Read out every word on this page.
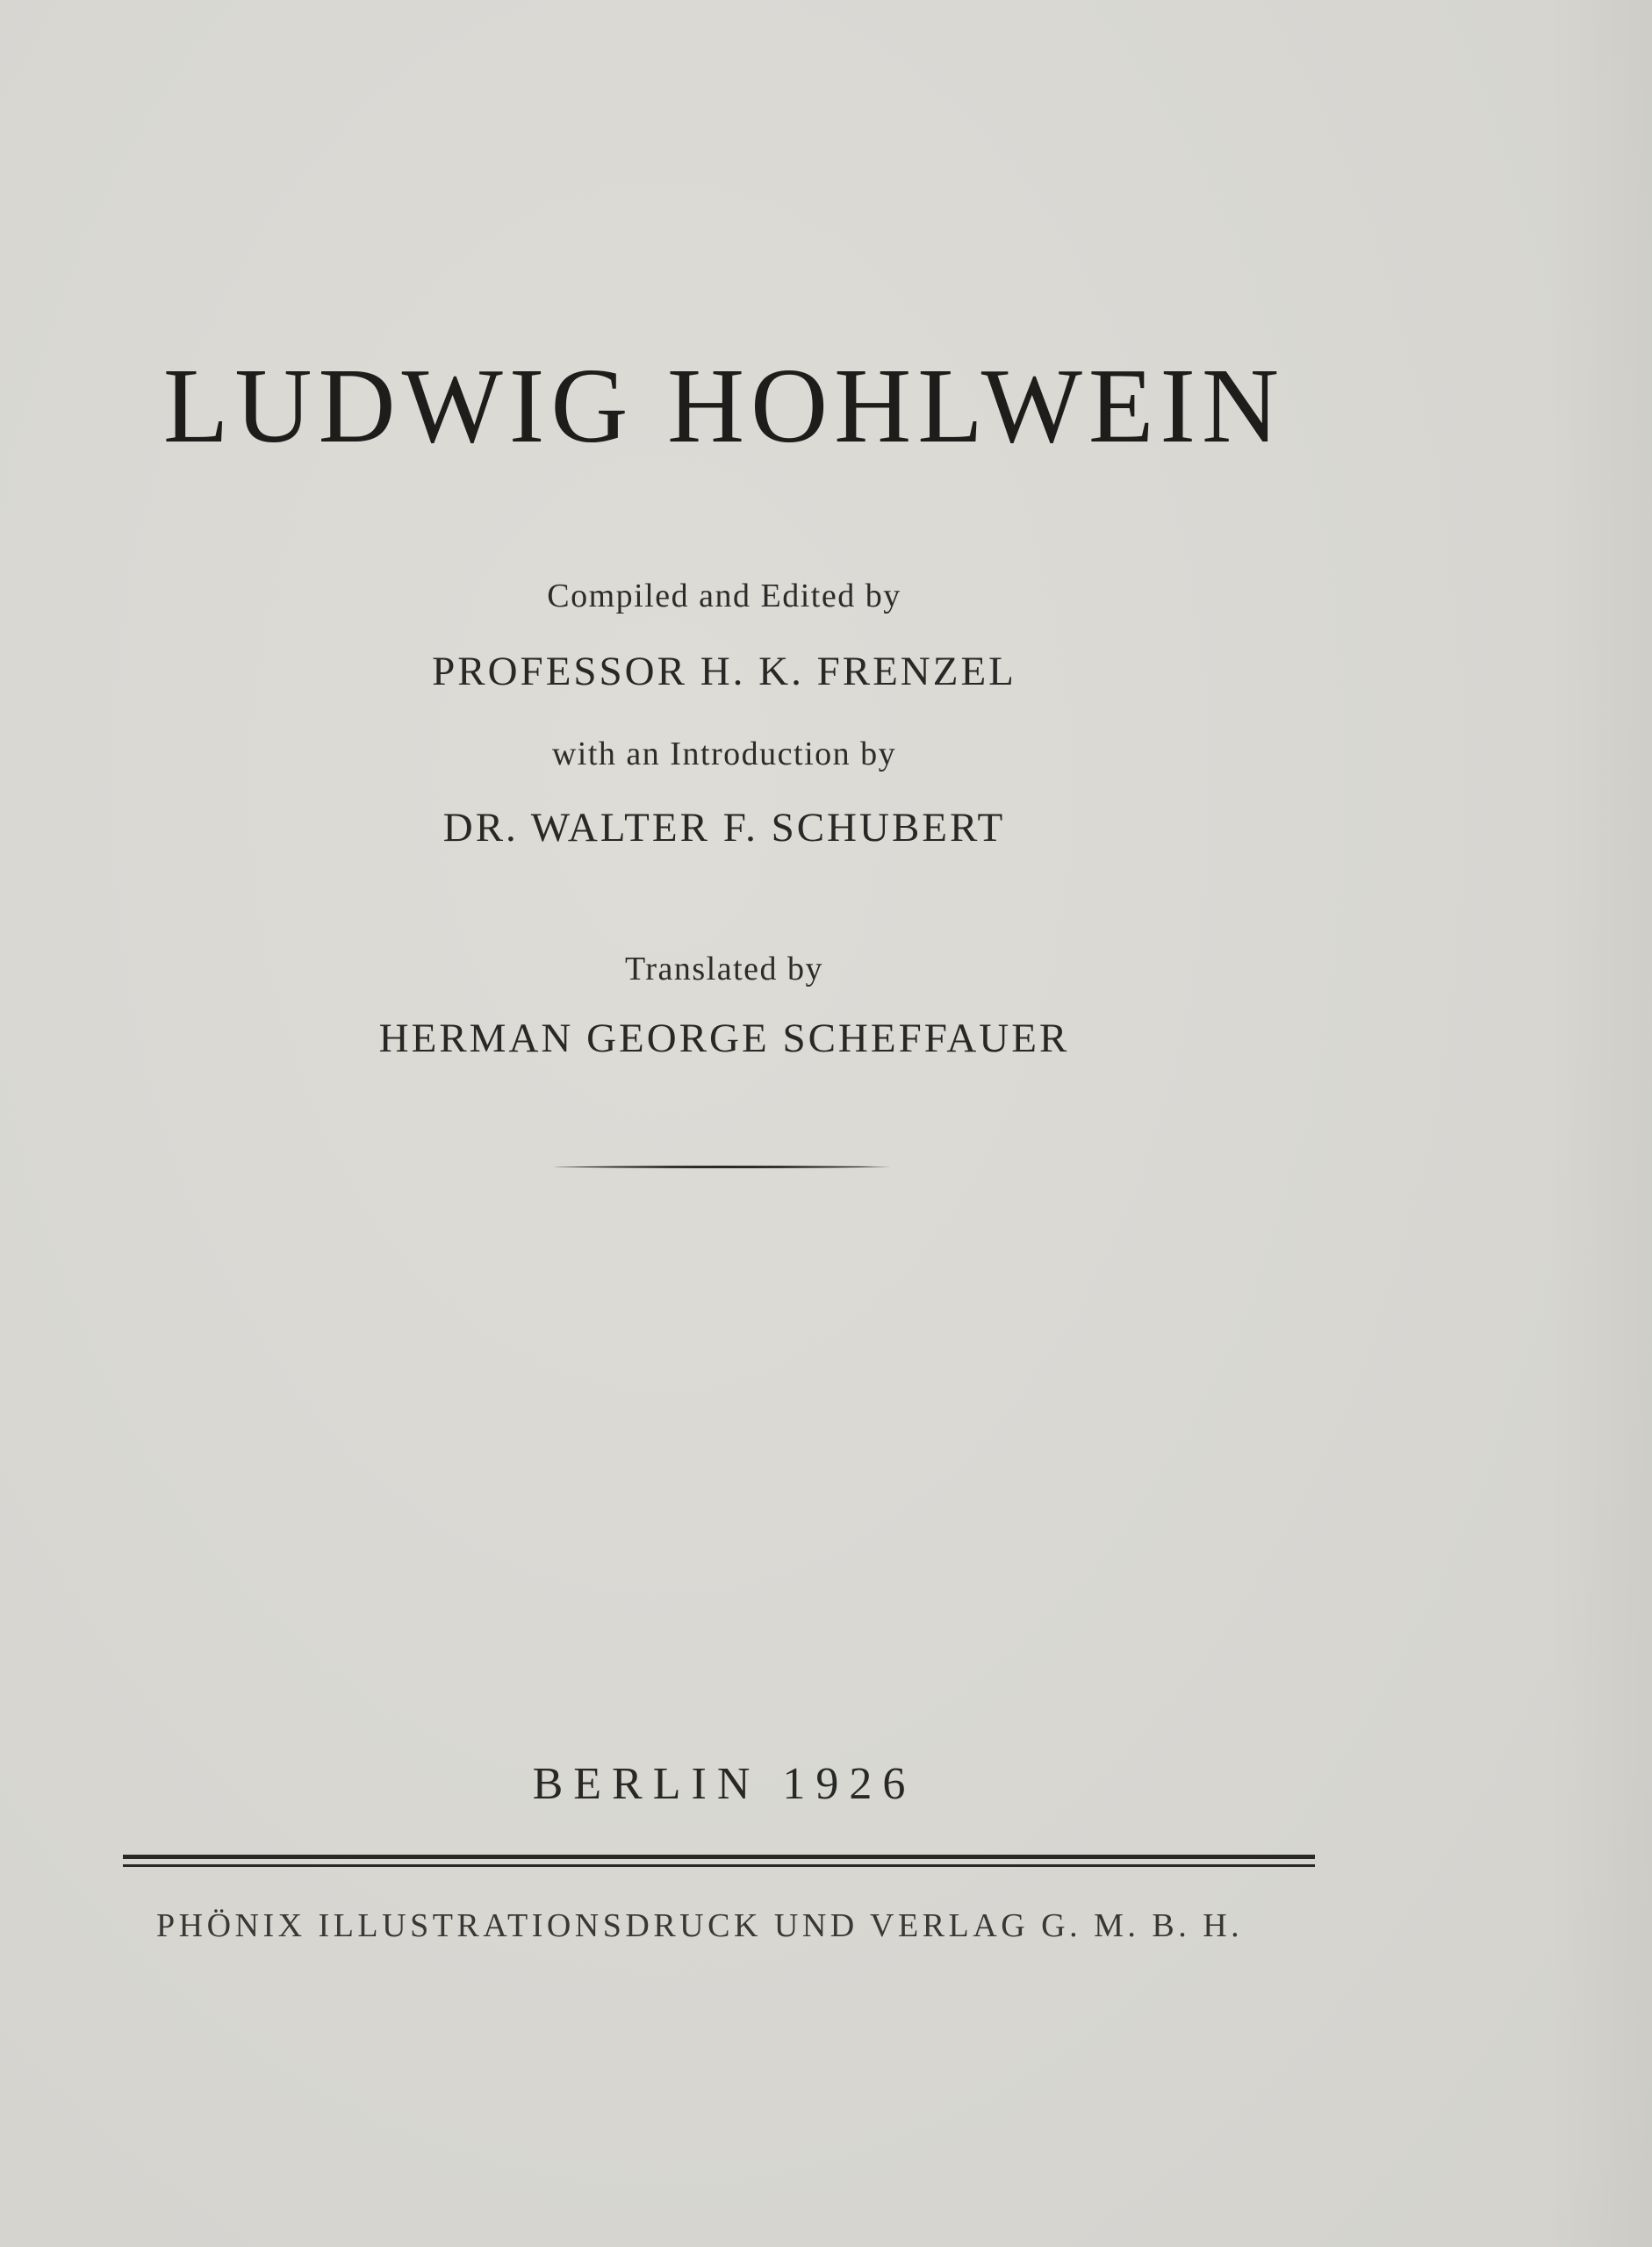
LUDWIG HOHLWEIN

Compiled and Edited by

PROFESSOR H. K. FRENZEL

with an Introduction by

DR. WALTER F. SCHUBERT

Translated by

HERMAN GEORGE SCHEFFAUER

BERLIN 1926

PHÖNIX ILLUSTRATIONSDRUCK UND VERLAG G. M. B. H.
